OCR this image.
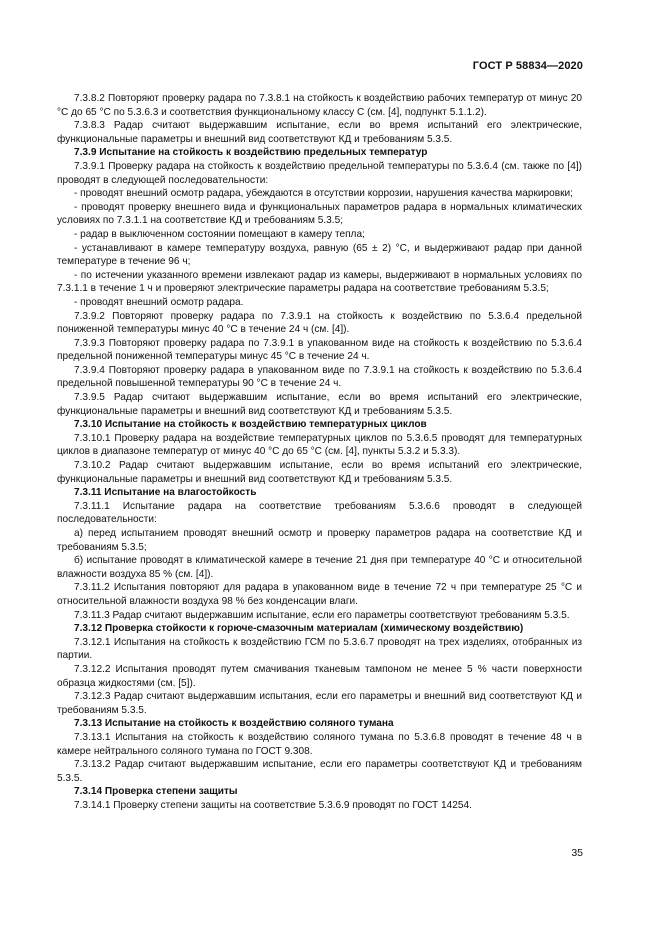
ГОСТ Р 58834—2020

7.3.8.2 Повторяют проверку радара по 7.3.8.1 на стойкость к воздействию рабочих температур от минус 20 °С до 65 °С по 5.3.6.3 и соответствия функциональному классу С (см. [4], подпункт 5.1.1.2).

7.3.8.3 Радар считают выдержавшим испытание, если во время испытаний его электрические, функциональные параметры и внешний вид соответствуют КД и требованиям 5.3.5.

7.3.9 Испытание на стойкость к воздействию предельных температур

7.3.9.1 Проверку радара на стойкость к воздействию предельной температуры по 5.3.6.4 (см. также по [4]) проводят в следующей последовательности:

- проводят внешний осмотр радара, убеждаются в отсутствии коррозии, нарушения качества маркировки;

- проводят проверку внешнего вида и функциональных параметров радара в нормальных климатических условиях по 7.3.1.1 на соответствие КД и требованиям 5.3.5;

- радар в выключенном состоянии помещают в камеру тепла;

- устанавливают в камере температуру воздуха, равную (65 ± 2) °С, и выдерживают радар при данной температуре в течение 96 ч;

- по истечении указанного времени извлекают радар из камеры, выдерживают в нормальных условиях по 7.3.1.1 в течение 1 ч и проверяют электрические параметры радара на соответствие требованиям 5.3.5;

- проводят внешний осмотр радара.

7.3.9.2 Повторяют проверку радара по 7.3.9.1 на стойкость к воздействию по 5.3.6.4 предельной пониженной температуры минус 40 °С в течение 24 ч (см. [4]).

7.3.9.3 Повторяют проверку радара по 7.3.9.1 в упакованном виде на стойкость к воздействию по 5.3.6.4 предельной пониженной температуры минус 45 °С в течение 24 ч.

7.3.9.4 Повторяют проверку радара в упакованном виде по 7.3.9.1 на стойкость к воздействию по 5.3.6.4 предельной повышенной температуры 90 °С в течение 24 ч.

7.3.9.5 Радар считают выдержавшим испытание, если во время испытаний его электрические, функциональные параметры и внешний вид соответствуют КД и требованиям 5.3.5.

7.3.10 Испытание на стойкость к воздействию температурных циклов

7.3.10.1 Проверку радара на воздействие температурных циклов по 5.3.6.5 проводят для температурных циклов в диапазоне температур от минус 40 °С до 65 °С (см. [4], пункты 5.3.2 и 5.3.3).

7.3.10.2 Радар считают выдержавшим испытание, если во время испытаний его электрические, функциональные параметры и внешний вид соответствуют КД и требованиям 5.3.5.

7.3.11 Испытание на влагостойкость

7.3.11.1 Испытание радара на соответствие требованиям 5.3.6.6 проводят в следующей последовательности:

а) перед испытанием проводят внешний осмотр и проверку параметров радара на соответствие КД и требованиям 5.3.5;

б) испытание проводят в климатической камере в течение 21 дня при температуре 40 °С и относительной влажности воздуха 85 % (см. [4]).

7.3.11.2 Испытания повторяют для радара в упакованном виде в течение 72 ч при температуре 25 °С и относительной влажности воздуха 98 % без конденсации влаги.

7.3.11.3 Радар считают выдержавшим испытание, если его параметры соответствуют требованиям 5.3.5.

7.3.12 Проверка стойкости к горюче-смазочным материалам (химическому воздействию)

7.3.12.1 Испытания на стойкость к воздействию ГСМ по 5.3.6.7 проводят на трех изделиях, отобранных из партии.

7.3.12.2 Испытания проводят путем смачивания тканевым тампоном не менее 5 % части поверхности образца жидкостями (см. [5]).

7.3.12.3 Радар считают выдержавшим испытания, если его параметры и внешний вид соответствуют КД и требованиям 5.3.5.

7.3.13 Испытание на стойкость к воздействию соляного тумана

7.3.13.1 Испытания на стойкость к воздействию соляного тумана по 5.3.6.8 проводят в течение 48 ч в камере нейтрального соляного тумана по ГОСТ 9.308.

7.3.13.2 Радар считают выдержавшим испытание, если его параметры соответствуют КД и требованиям 5.3.5.

7.3.14 Проверка степени защиты

7.3.14.1 Проверку степени защиты на соответствие 5.3.6.9 проводят по ГОСТ 14254.

35
